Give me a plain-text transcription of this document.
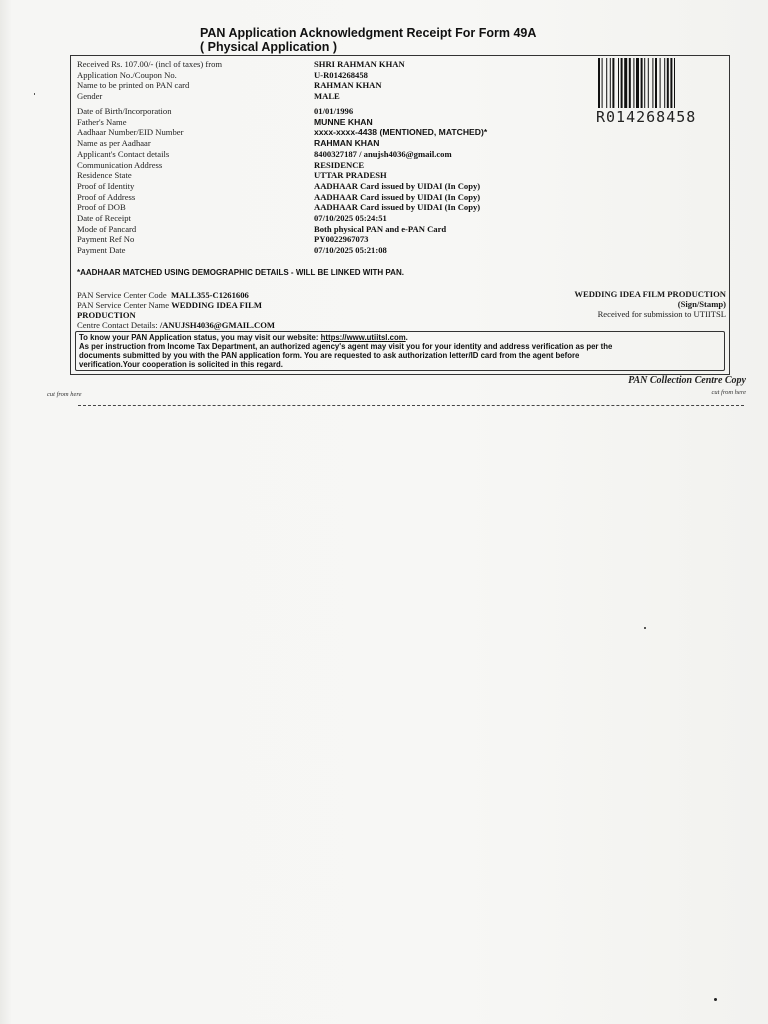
PAN Application Acknowledgment Receipt For Form 49A
( Physical Application )
Received Rs. 107.00/- (incl of taxes) from
Application No./Coupon No.
Name to be printed on PAN card
Gender
Date of Birth/Incorporation
Father's Name
Aadhaar Number/EID Number
Name as per Aadhaar
Applicant's Contact details
Communication Address
Residence State
Proof of Identity
Proof of Address
Proof of DOB
Date of Receipt
Mode of Pancard
Payment Ref No
Payment Date
SHRI RAHMAN KHAN
U-R014268458
RAHMAN KHAN
MALE
01/01/1996
MUNNE KHAN
xxxx-xxxx-4438 (MENTIONED, MATCHED)*
RAHMAN KHAN
8400327187 / anujsh4036@gmail.com
RESIDENCE
UTTAR PRADESH
AADHAAR Card issued by UIDAI (In Copy)
AADHAAR Card issued by UIDAI (In Copy)
AADHAAR Card issued by UIDAI (In Copy)
07/10/2025 05:24:51
Both physical PAN and e-PAN Card
PY0022967073
07/10/2025 05:21:08
R014268458
*AADHAAR MATCHED USING DEMOGRAPHIC DETAILS - WILL BE LINKED WITH PAN.
PAN Service Center Code MALL355-C1261606
PAN Service Center Name WEDDING IDEA FILM
PRODUCTION
Centre Contact Details: /ANUJSH4036@GMAIL.COM
WEDDING IDEA FILM PRODUCTION
(Sign/Stamp)
Received for submission to UTIITSL
To know your PAN Application status, you may visit our website: https://www.utiitsl.com.
As per instruction from Income Tax Department, an authorized agency's agent may visit you for your identity and address verification as per the
documents submitted by you with the PAN application form. You are requested to ask authorization letter/ID card from the agent before
verification.Your cooperation is solicited in this regard.
PAN Collection Centre Copy
cut from here	cut from here
